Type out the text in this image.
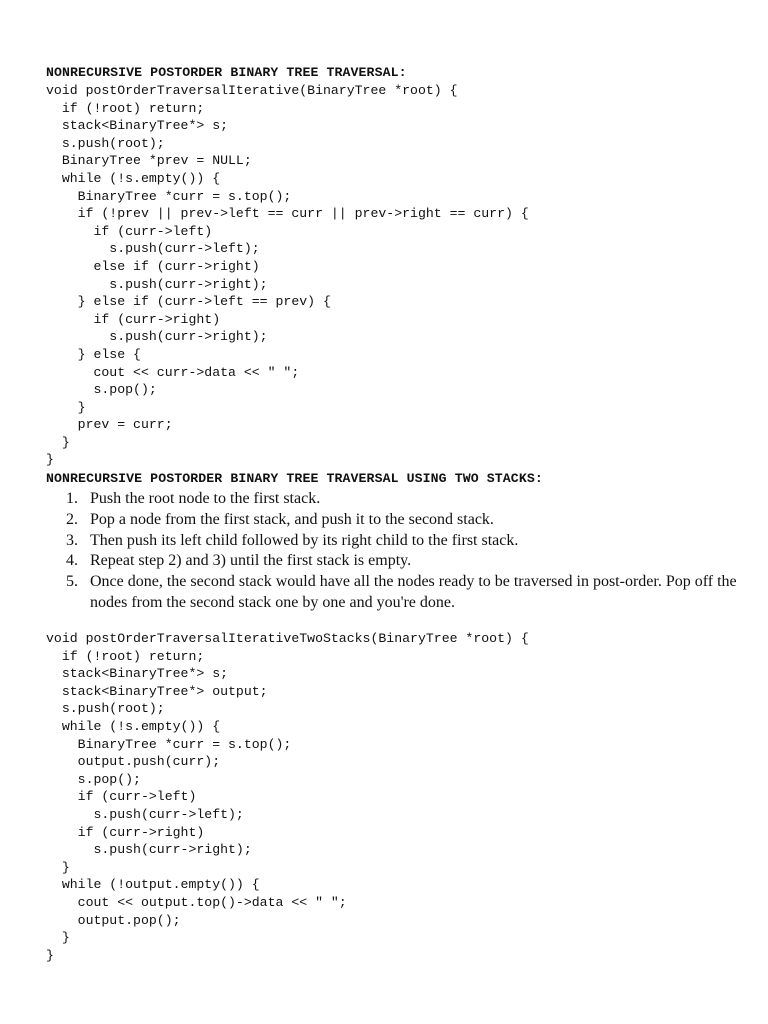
NONRECURSIVE POSTORDER BINARY TREE TRAVERSAL:
void postOrderTraversalIterative(BinaryTree *root) {
if (!root) return;
stack<BinaryTree*> s;
s.push(root);
BinaryTree *prev = NULL;
while (!s.empty()) {
BinaryTree *curr = s.top();
if (!prev || prev->left == curr || prev->right == curr) {
if (curr->left)
s.push(curr->left);
else if (curr->right)
s.push(curr->right);
} else if (curr->left == prev) {
if (curr->right)
s.push(curr->right);
} else {
cout << curr->data << " ";
s.pop();
}
prev = curr;
}
}
NONRECURSIVE POSTORDER BINARY TREE TRAVERSAL USING TWO STACKS:
1. Push the root node to the first stack.
2. Pop a node from the first stack, and push it to the second stack.
3. Then push its left child followed by its right child to the first stack.
4. Repeat step 2) and 3) until the first stack is empty.
5. Once done, the second stack would have all the nodes ready to be traversed in post-order. Pop off the nodes from the second stack one by one and you're done.
void postOrderTraversalIterativeTwoStacks(BinaryTree *root) {
if (!root) return;
stack<BinaryTree*> s;
stack<BinaryTree*> output;
s.push(root);
while (!s.empty()) {
BinaryTree *curr = s.top();
output.push(curr);
s.pop();
if (curr->left)
s.push(curr->left);
if (curr->right)
s.push(curr->right);
}
while (!output.empty()) {
cout << output.top()->data << " ";
output.pop();
}
}
